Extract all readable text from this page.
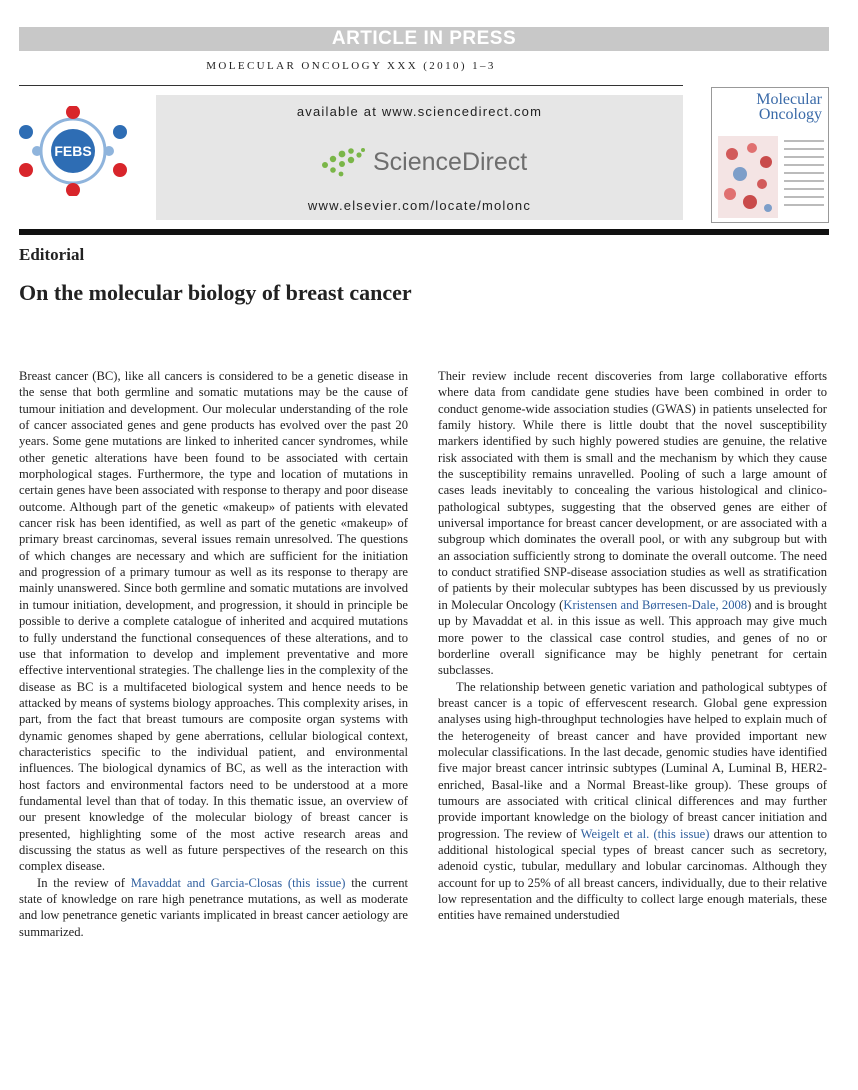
ARTICLE IN PRESS
MOLECULAR ONCOLOGY XXX (2010) 1–3
FEBS
available at www.sciencedirect.com
ScienceDirect
www.elsevier.com/locate/molonc
Molecular
Oncology
Editorial
On the molecular biology of breast cancer

Breast cancer (BC), like all cancers is considered to be a genetic disease in the sense that both germline and somatic mutations may be the cause of tumour initiation and development. Our molecular understanding of the role of cancer associated genes and gene products has evolved over the past 20 years. Some gene mutations are linked to inherited cancer syndromes, while other genetic alterations have been found to be associated with certain morphological stages. Furthermore, the type and location of mutations in certain genes have been associated with response to therapy and poor disease outcome. Although part of the genetic «makeup» of patients with elevated cancer risk has been identified, as well as part of the genetic «makeup» of primary breast carcinomas, several issues remain unresolved. The questions of which changes are necessary and which are sufficient for the initiation and progression of a primary tumour as well as its response to therapy are mainly unanswered. Since both germline and somatic mutations are involved in tumour initiation, development, and progression, it should in principle be possible to derive a complete catalogue of inherited and acquired mutations to fully understand the functional consequences of these alterations, and to use that information to develop and implement preventative and more effective interventional strategies. The challenge lies in the complexity of the disease as BC is a multifaceted biological system and hence needs to be attacked by means of systems biology approaches. This complexity arises, in part, from the fact that breast tumours are composite organ systems with dynamic genomes shaped by gene aberrations, cellular biological context, characteristics specific to the individual patient, and environmental influences. The biological dynamics of BC, as well as the interaction with host factors and environmental factors need to be understood at a more fundamental level than that of today. In this thematic issue, an overview of our present knowledge of the molecular biology of breast cancer is presented, highlighting some of the most active research areas and discussing the status as well as future perspectives of the research on this complex disease.

In the review of Mavaddat and Garcia-Closas (this issue) the current state of knowledge on rare high penetrance mutations, as well as moderate and low penetrance genetic variants implicated in breast cancer aetiology are summarized.

Their review include recent discoveries from large collaborative efforts where data from candidate gene studies have been combined in order to conduct genome-wide association studies (GWAS) in patients unselected for family history. While there is little doubt that the novel susceptibility markers identified by such highly powered studies are genuine, the relative risk associated with them is small and the mechanism by which they cause the susceptibility remains unravelled. Pooling of such a large amount of cases leads inevitably to concealing the various histological and clinico-pathological subtypes, suggesting that the observed genes are either of universal importance for breast cancer development, or are associated with a subgroup which dominates the overall pool, or with any subgroup but with an association sufficiently strong to dominate the overall outcome. The need to conduct stratified SNP-disease association studies as well as stratification of patients by their molecular subtypes has been discussed by us previously in Molecular Oncology (Kristensen and Børresen-Dale, 2008) and is brought up by Mavaddat et al. in this issue as well. This approach may give much more power to the classical case control studies, and genes of no or borderline overall significance may be highly penetrant for certain subclasses.

The relationship between genetic variation and pathological subtypes of breast cancer is a topic of effervescent research. Global gene expression analyses using high-throughput technologies have helped to explain much of the heterogeneity of breast cancer and have provided important new molecular classifications. In the last decade, genomic studies have identified five major breast cancer intrinsic subtypes (Luminal A, Luminal B, HER2-enriched, Basal-like and a Normal Breast-like group). These groups of tumours are associated with critical clinical differences and may further provide important knowledge on the biology of breast cancer initiation and progression. The review of Weigelt et al. (this issue) draws our attention to additional histological special types of breast cancer such as secretory, adenoid cystic, tubular, medullary and lobular carcinomas. Although they account for up to 25% of all breast cancers, individually, due to their relative low representation and the difficulty to collect large enough materials, these entities have remained understudied
